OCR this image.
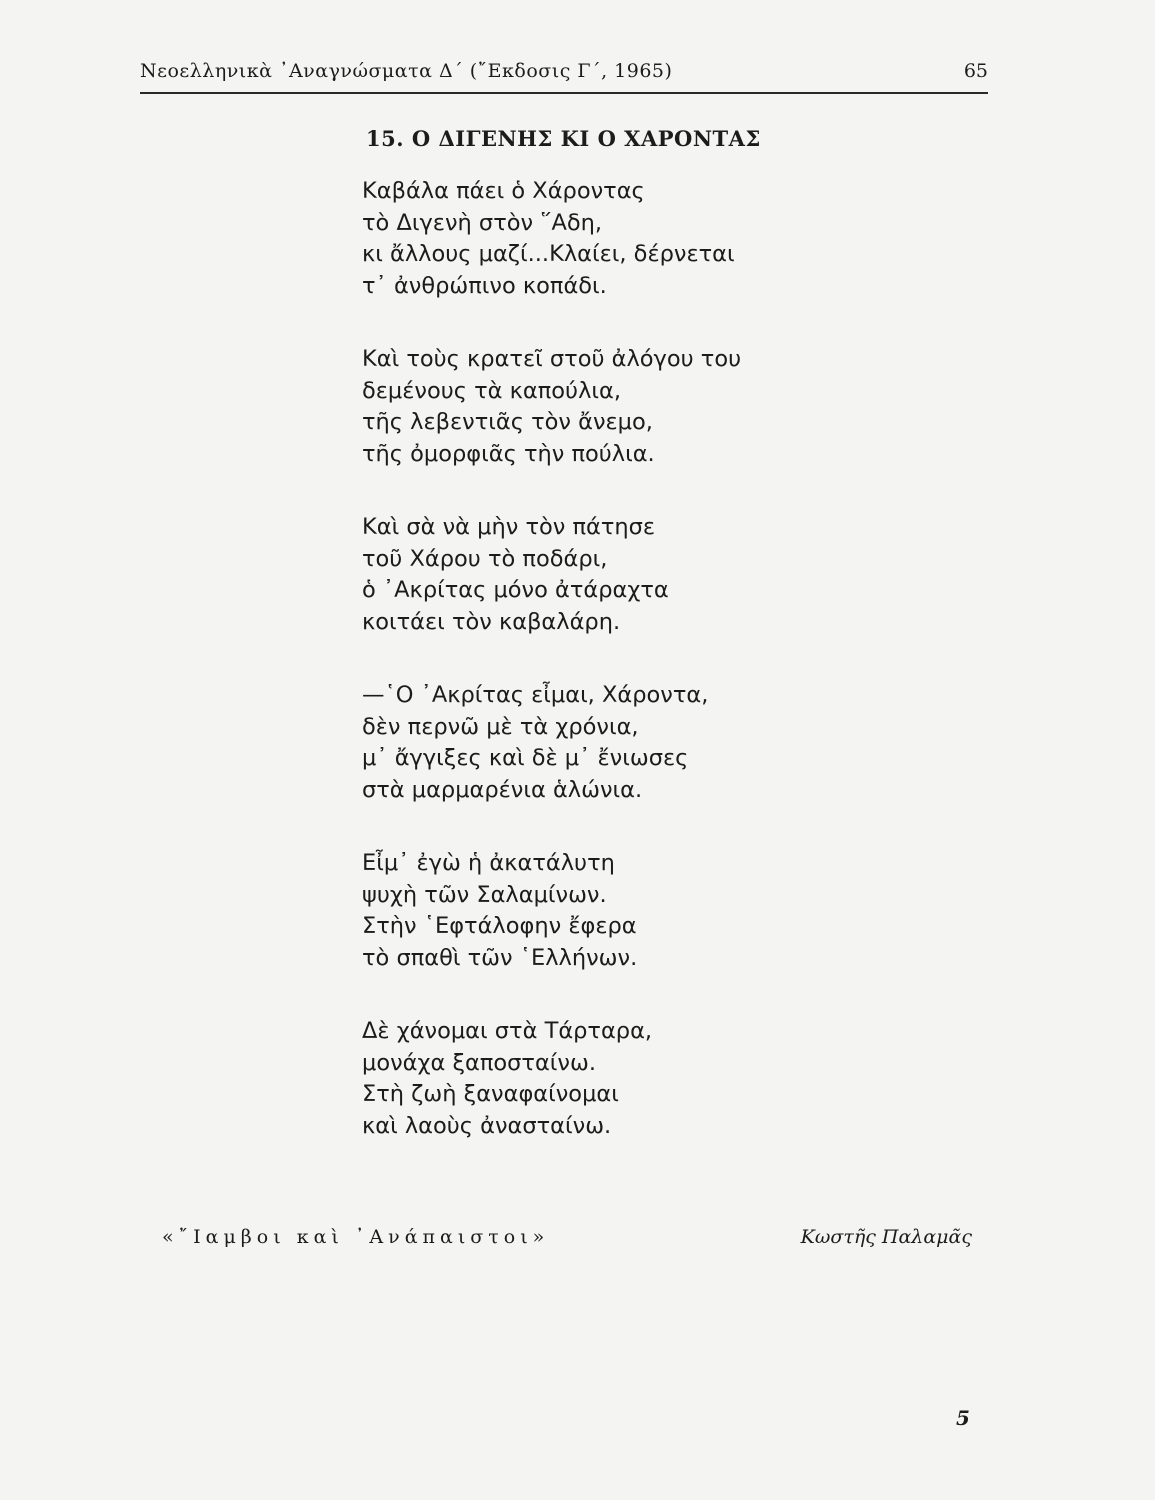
Νεοελληνικὰ ᾿Αναγνώσματα Δ΄ (῎Εκδοσις Γ΄, 1965)	65
15. Ο ΔΙΓΕΝΗΣ ΚΙ Ο ΧΑΡΟΝΤΑΣ
Καβάλα πάει ὁ Χάροντας
τὸ Διγενὴ στὸν ῞Αδη,
κι ἄλλους μαζί...Κλαίει, δέρνεται
τ᾽ ἀνθρώπινο κοπάδι.
Καὶ τοὺς κρατεῖ στοῦ ἀλόγου του
δεμένους τὰ καπούλια,
τῆς λεβεντιᾶς τὸν ἄνεμο,
τῆς ὀμορφιᾶς τὴν πούλια.
Καὶ σὰ νὰ μὴν τὸν πάτησε
τοῦ Χάρου τὸ ποδάρι,
ὁ ᾿Ακρίτας μόνο ἀτάραχτα
κοιτάει τὸν καβαλάρη.
—῾Ο ᾿Ακρίτας εἶμαι, Χάροντα,
δὲν περνῶ μὲ τὰ χρόνια,
μ᾽ ἄγγιξες καὶ δὲ μ᾽ ἔνιωσες
στὰ μαρμαρένια ἁλώνια.
Εἶμ᾽ ἐγὼ ἡ ἀκατάλυτη
ψυχὴ τῶν Σαλαμίνων.
Στὴν ῾Εφτάλοφην ἔφερα
τὸ σπαθὶ τῶν ῾Ελλήνων.
Δὲ χάνομαι στὰ Τάρταρα,
μονάχα ξαποσταίνω.
Στὴ ζωὴ ξαναφαίνομαι
καὶ λαοὺς ἀνασταίνω.
«῎Ιαμβοι καὶ ᾿Ανάπαιστοι»	Κωστῆς Παλαμᾶς
5
